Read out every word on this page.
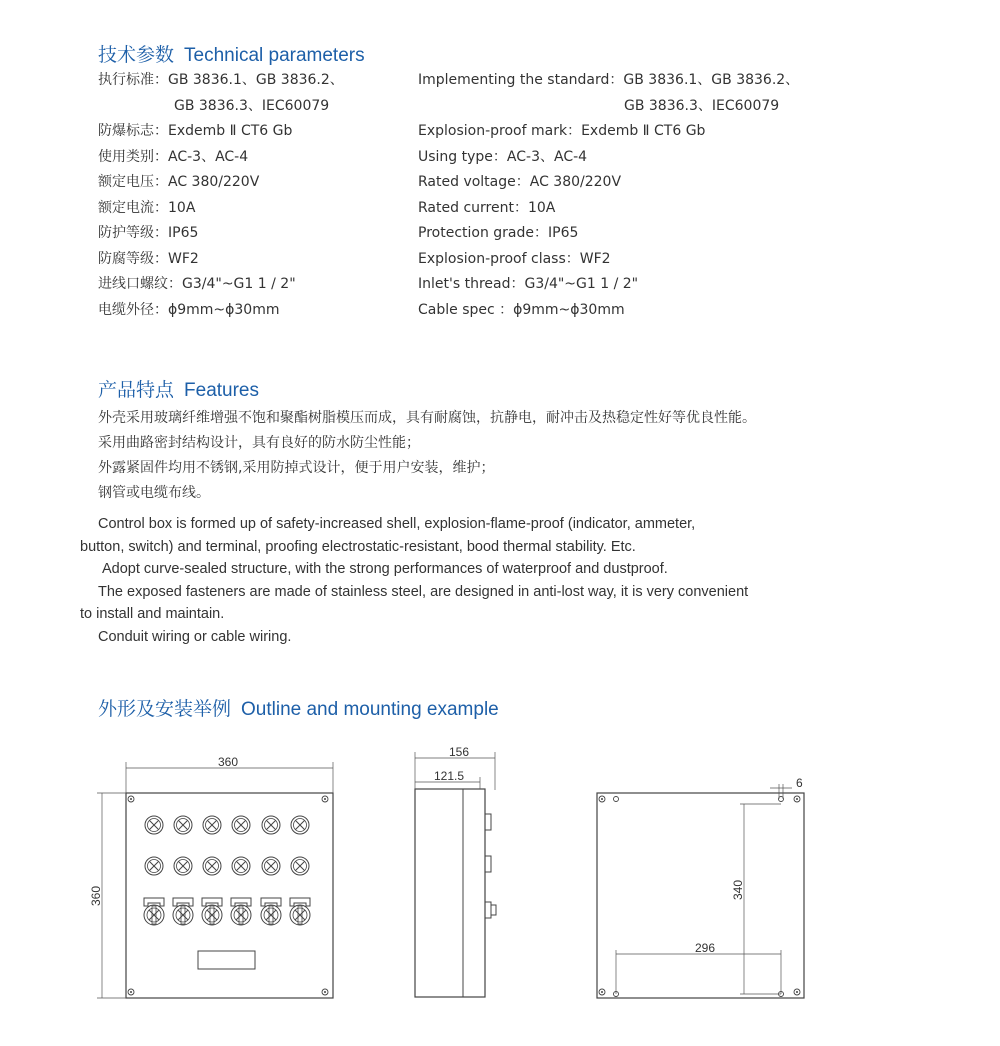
技术参数 Technical parameters
执行标准：GB 3836.1、GB 3836.2、
GB 3836.3、IEC60079
防爆标志：Exdemb Ⅱ CT6 Gb
使用类别：AC-3、AC-4
额定电压：AC 380/220V
额定电流：10A
防护等级：IP65
防腐等级：WF2
进线口螺纹：G3/4"~G1 1 / 2"
电缆外径：ϕ9mm~ϕ30mm
Implementing the standard：GB 3836.1、GB 3836.2、
GB 3836.3、IEC60079
Explosion-proof mark：Exdemb Ⅱ CT6 Gb
Using type：AC-3、AC-4
Rated voltage：AC 380/220V
Rated current：10A
Protection grade：IP65
Explosion-proof class：WF2
Inlet's thread：G3/4"~G1 1 / 2"
Cable spec ：ϕ9mm~ϕ30mm
产品特点 Features
外壳采用玻璃纤维增强不饱和聚酯树脂模压而成，具有耐腐蚀，抗静电，耐冲击及热稳定性好等优良性能。
采用曲路密封结构设计，具有良好的防水防尘性能；
外露紧固件均用不锈钢,采用防掉式设计，便于用户安装，维护；
钢管或电缆布线。
Control box is formed up of safety-increased shell, explosion-flame-proof (indicator, ammeter,
button, switch) and terminal, proofing electrostatic-resistant, bood thermal stability. Etc.
Adopt curve-sealed structure, with the strong performances of waterproof and dustproof.
The exposed fasteners are made of stainless steel, are designed in anti-lost way, it is very convenient
to install and maintain.
Conduit wiring or cable wiring.
外形及安装举例 Outline and mounting example
360
360
156
121.5	6
340
296
